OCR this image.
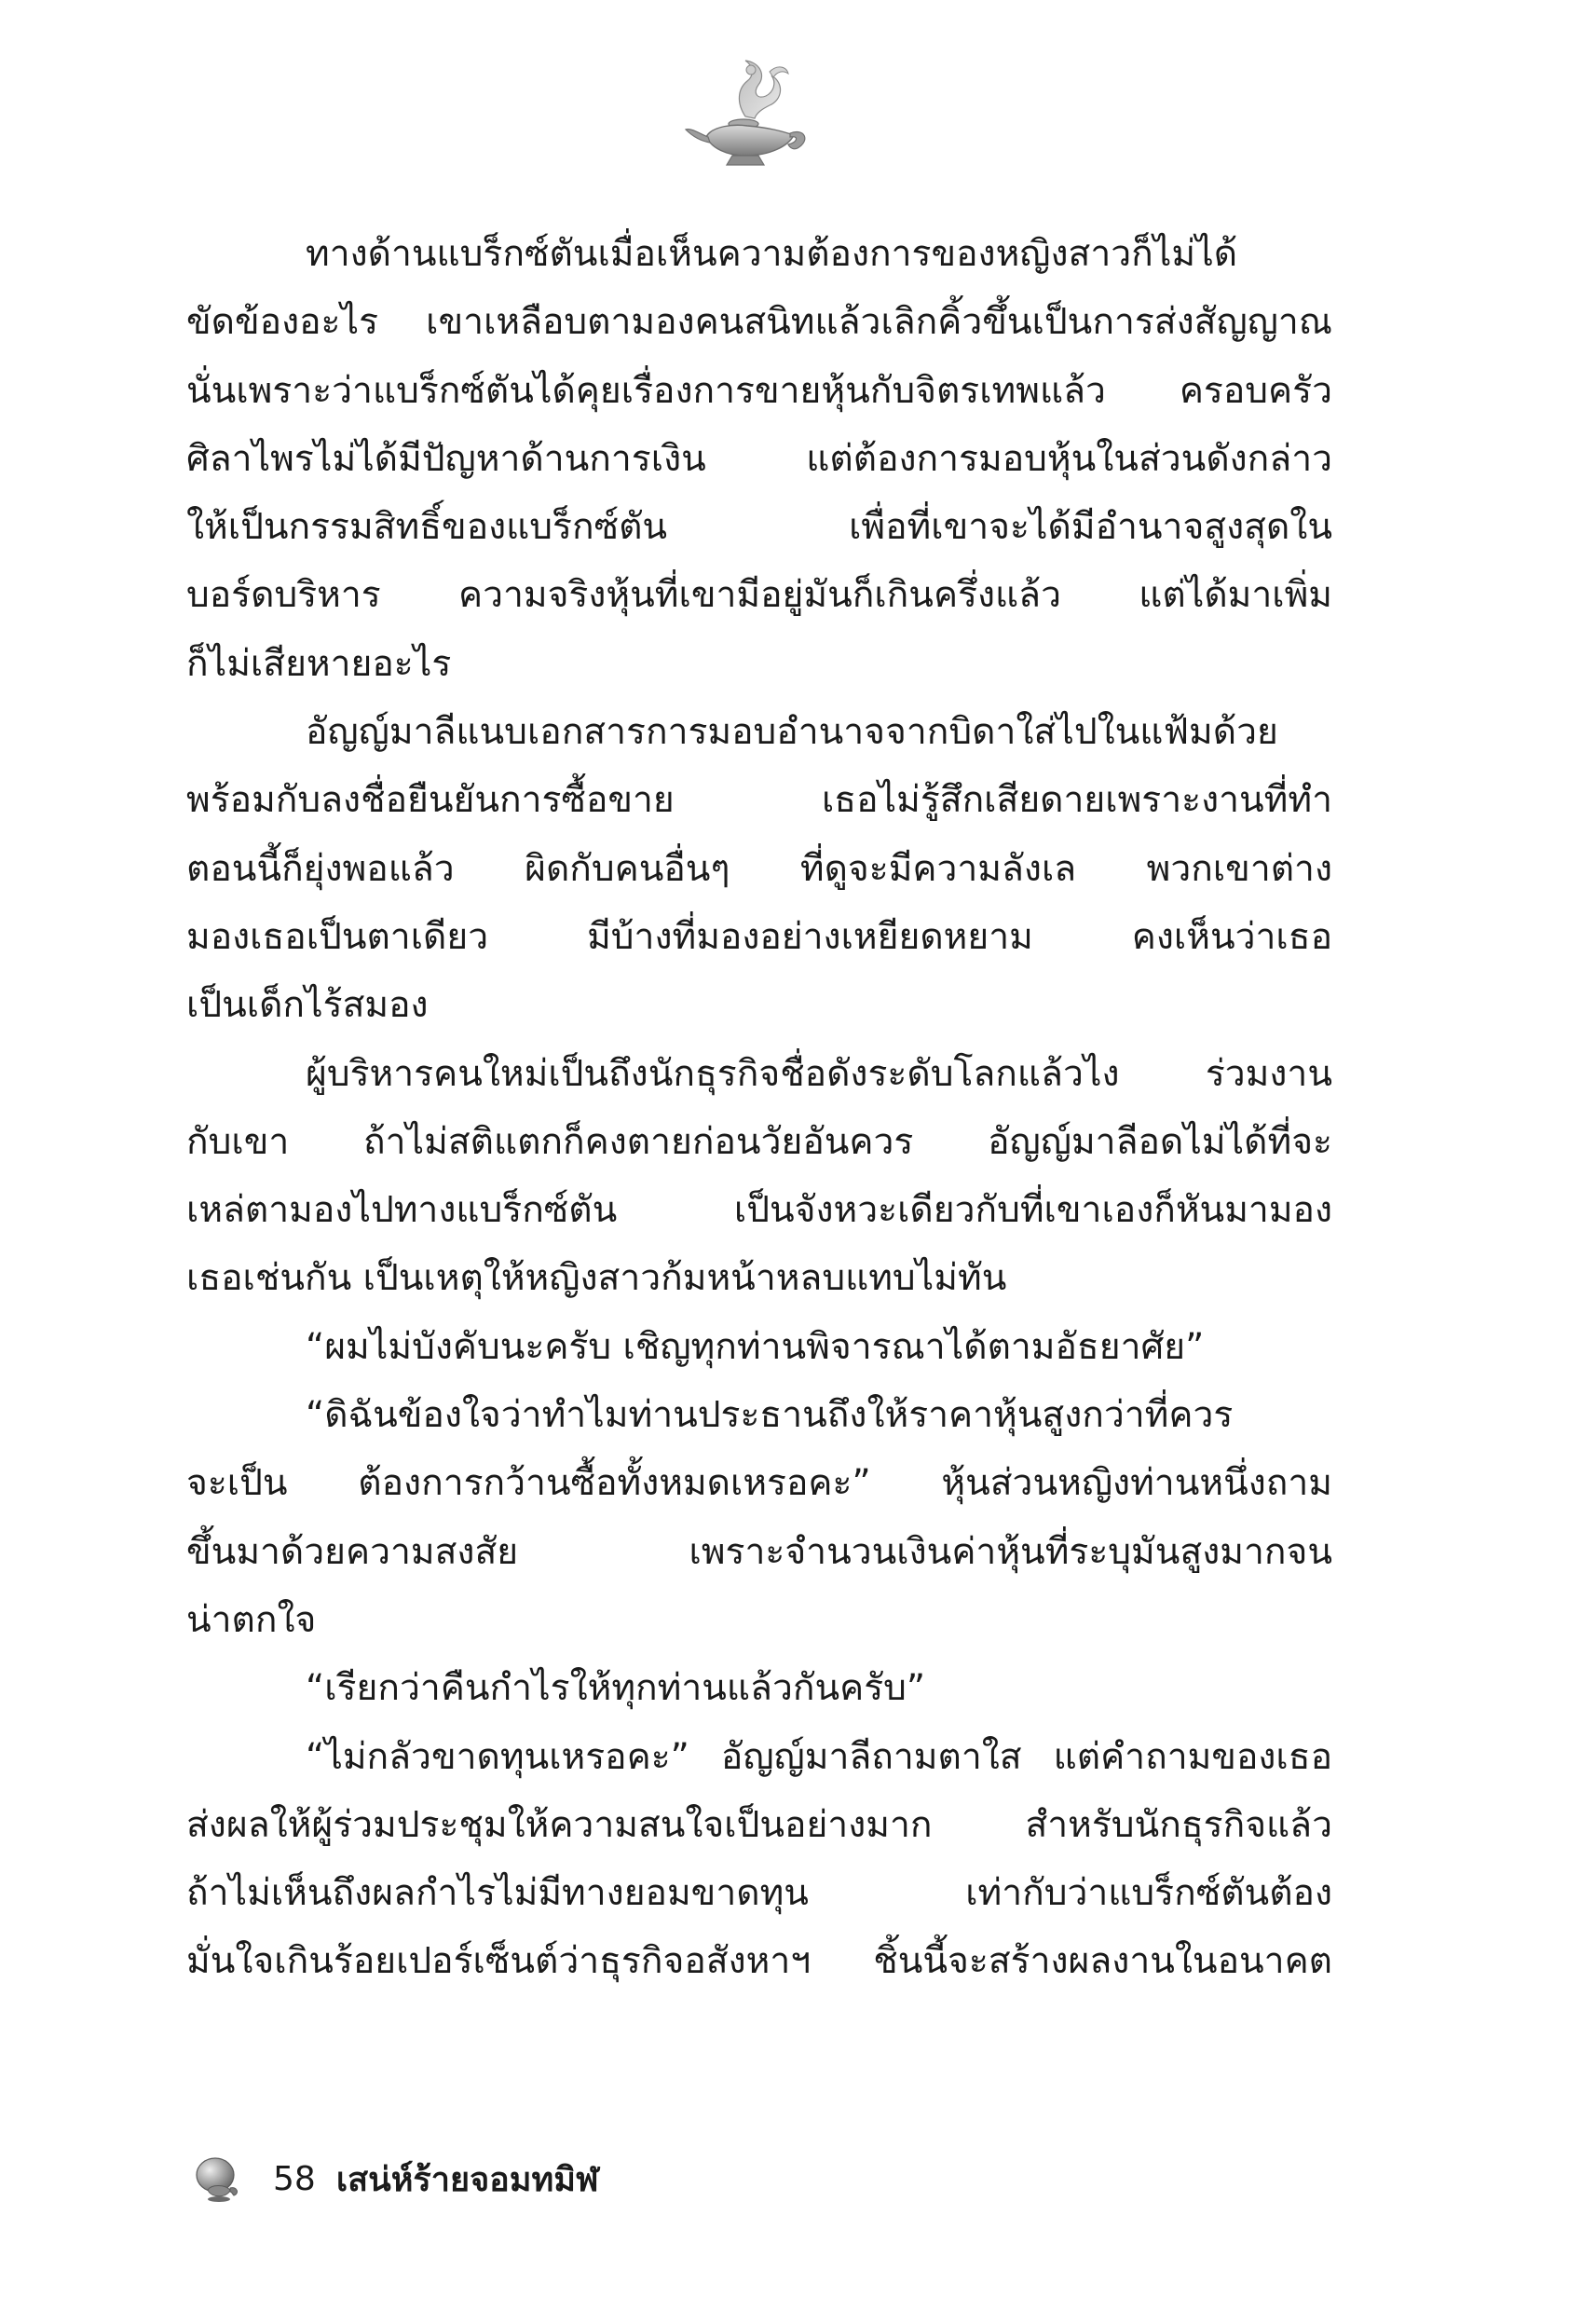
ทางด้านแบร็กซ์ตันเมื่อเห็นความต้องการของหญิงสาวก็ไม่ได้
ขัดข้องอะไร เขาเหลือบตามองคนสนิทแล้วเลิกคิ้วขึ้นเป็นการส่งสัญญาณ
นั่นเพราะว่าแบร็กซ์ตันได้คุยเรื่องการขายหุ้นกับจิตรเทพแล้ว ครอบครัว
ศิลาไพรไม่ได้มีปัญหาด้านการเงิน แต่ต้องการมอบหุ้นในส่วนดังกล่าว
ให้เป็นกรรมสิทธิ์ของแบร็กซ์ตัน เพื่อที่เขาจะได้มีอำนาจสูงสุดใน
บอร์ดบริหาร ความจริงหุ้นที่เขามีอยู่มันก็เกินครึ่งแล้ว แต่ได้มาเพิ่ม
ก็ไม่เสียหายอะไร
อัญญ์มาลีแนบเอกสารการมอบอำนาจจากบิดาใส่ไปในแฟ้มด้วย
พร้อมกับลงชื่อยืนยันการซื้อขาย เธอไม่รู้สึกเสียดายเพราะงานที่ทำ
ตอนนี้ก็ยุ่งพอแล้ว ผิดกับคนอื่นๆ ที่ดูจะมีความลังเล พวกเขาต่าง
มองเธอเป็นตาเดียว มีบ้างที่มองอย่างเหยียดหยาม คงเห็นว่าเธอ
เป็นเด็กไร้สมอง
ผู้บริหารคนใหม่เป็นถึงนักธุรกิจชื่อดังระดับโลกแล้วไง ร่วมงาน
กับเขา ถ้าไม่สติแตกก็คงตายก่อนวัยอันควร อัญญ์มาลีอดไม่ได้ที่จะ
เหล่ตามองไปทางแบร็กซ์ตัน เป็นจังหวะเดียวกับที่เขาเองก็หันมามอง
เธอเช่นกัน เป็นเหตุให้หญิงสาวก้มหน้าหลบแทบไม่ทัน
“ผมไม่บังคับนะครับ เชิญทุกท่านพิจารณาได้ตามอัธยาศัย”
“ดิฉันข้องใจว่าทำไมท่านประธานถึงให้ราคาหุ้นสูงกว่าที่ควร
จะเป็น ต้องการกว้านซื้อทั้งหมดเหรอคะ” หุ้นส่วนหญิงท่านหนึ่งถาม
ขึ้นมาด้วยความสงสัย เพราะจำนวนเงินค่าหุ้นที่ระบุมันสูงมากจน
น่าตกใจ
“เรียกว่าคืนกำไรให้ทุกท่านแล้วกันครับ”
“ไม่กลัวขาดทุนเหรอคะ” อัญญ์มาลีถามตาใส แต่คำถามของเธอ
ส่งผลให้ผู้ร่วมประชุมให้ความสนใจเป็นอย่างมาก สำหรับนักธุรกิจแล้ว
ถ้าไม่เห็นถึงผลกำไรไม่มีทางยอมขาดทุน เท่ากับว่าแบร็กซ์ตันต้อง
มั่นใจเกินร้อยเปอร์เซ็นต์ว่าธุรกิจอสังหาฯ ชิ้นนี้จะสร้างผลงานในอนาคต
58 เสน่ห์ร้ายจอมทมิฬ
